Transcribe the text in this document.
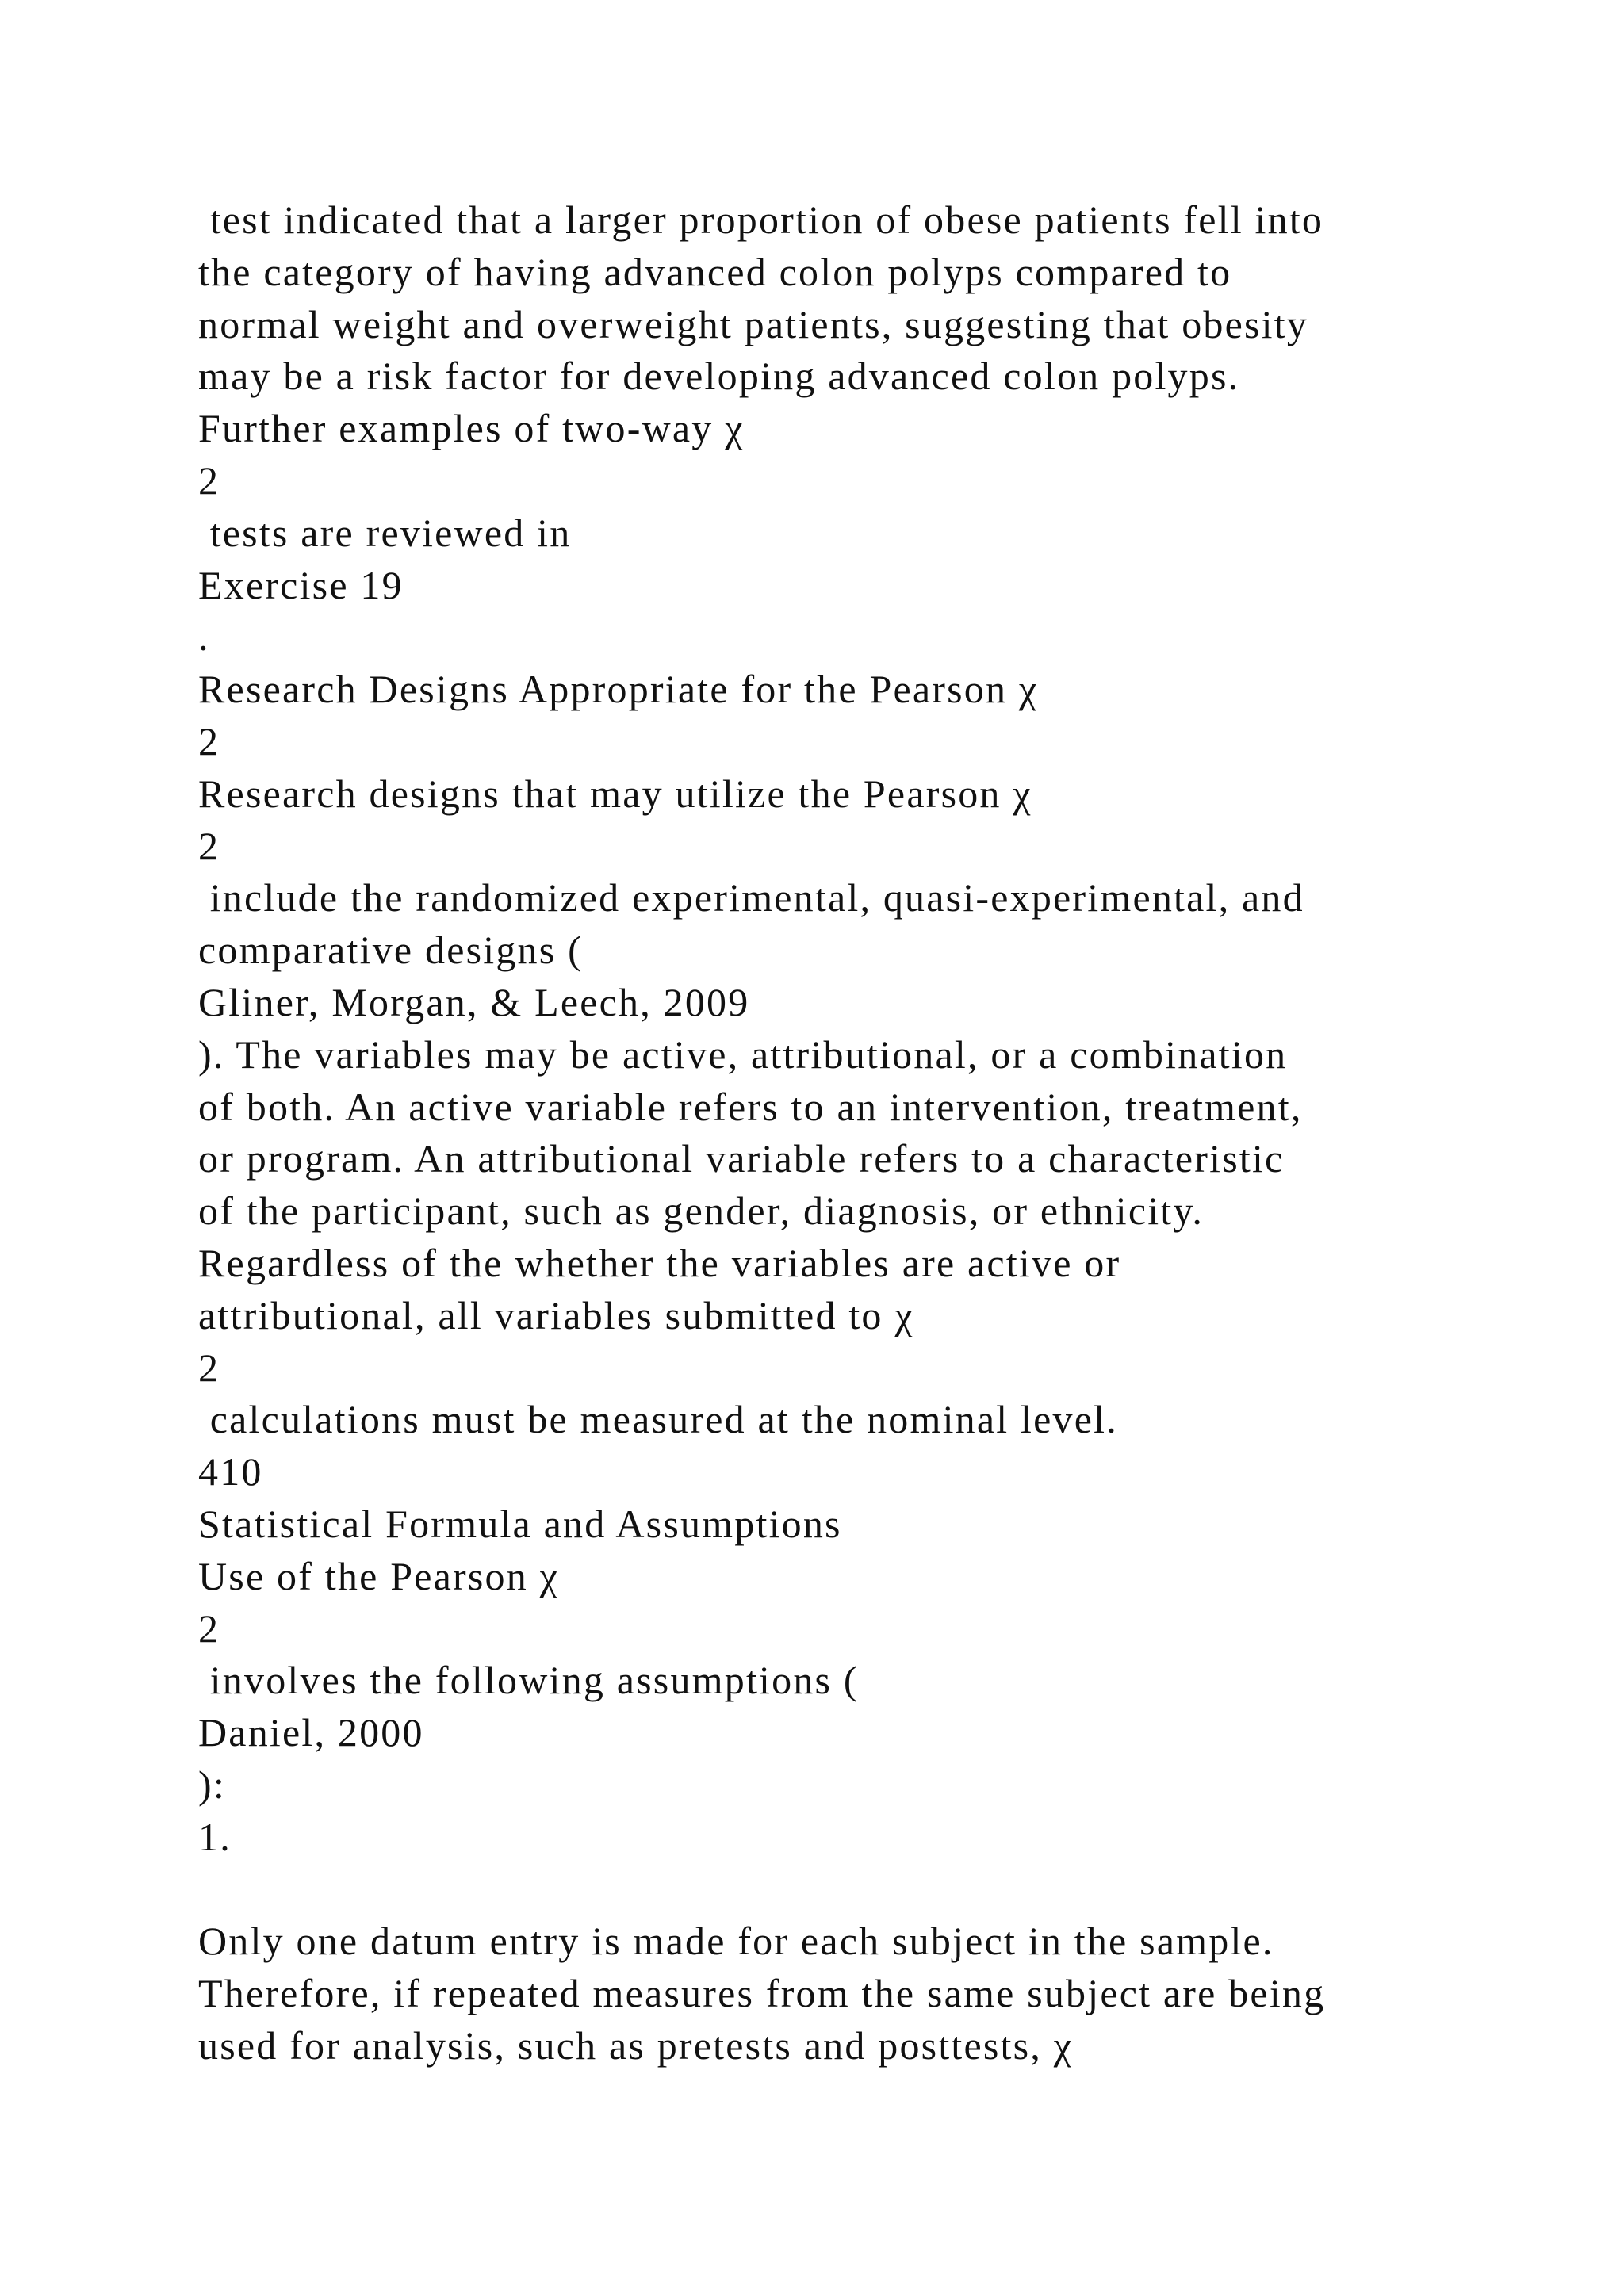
test indicated that a larger proportion of obese patients fell into
the category of having advanced colon polyps compared to
normal weight and overweight patients, suggesting that obesity
may be a risk factor for developing advanced colon polyps.
Further examples of two-way χ
2
tests are reviewed in
Exercise 19
.
Research Designs Appropriate for the Pearson χ
2
Research designs that may utilize the Pearson χ
2
include the randomized experimental, quasi-experimental, and
comparative designs (
Gliner, Morgan, & Leech, 2009
). The variables may be active, attributional, or a combination
of both. An active variable refers to an intervention, treatment,
or program. An attributional variable refers to a characteristic
of the participant, such as gender, diagnosis, or ethnicity.
Regardless of the whether the variables are active or
attributional, all variables submitted to χ
2
calculations must be measured at the nominal level.
410
Statistical Formula and Assumptions
Use of the Pearson χ
2
involves the following assumptions (
Daniel, 2000
):
1.
Only one datum entry is made for each subject in the sample.
Therefore, if repeated measures from the same subject are being
used for analysis, such as pretests and posttests, χ
